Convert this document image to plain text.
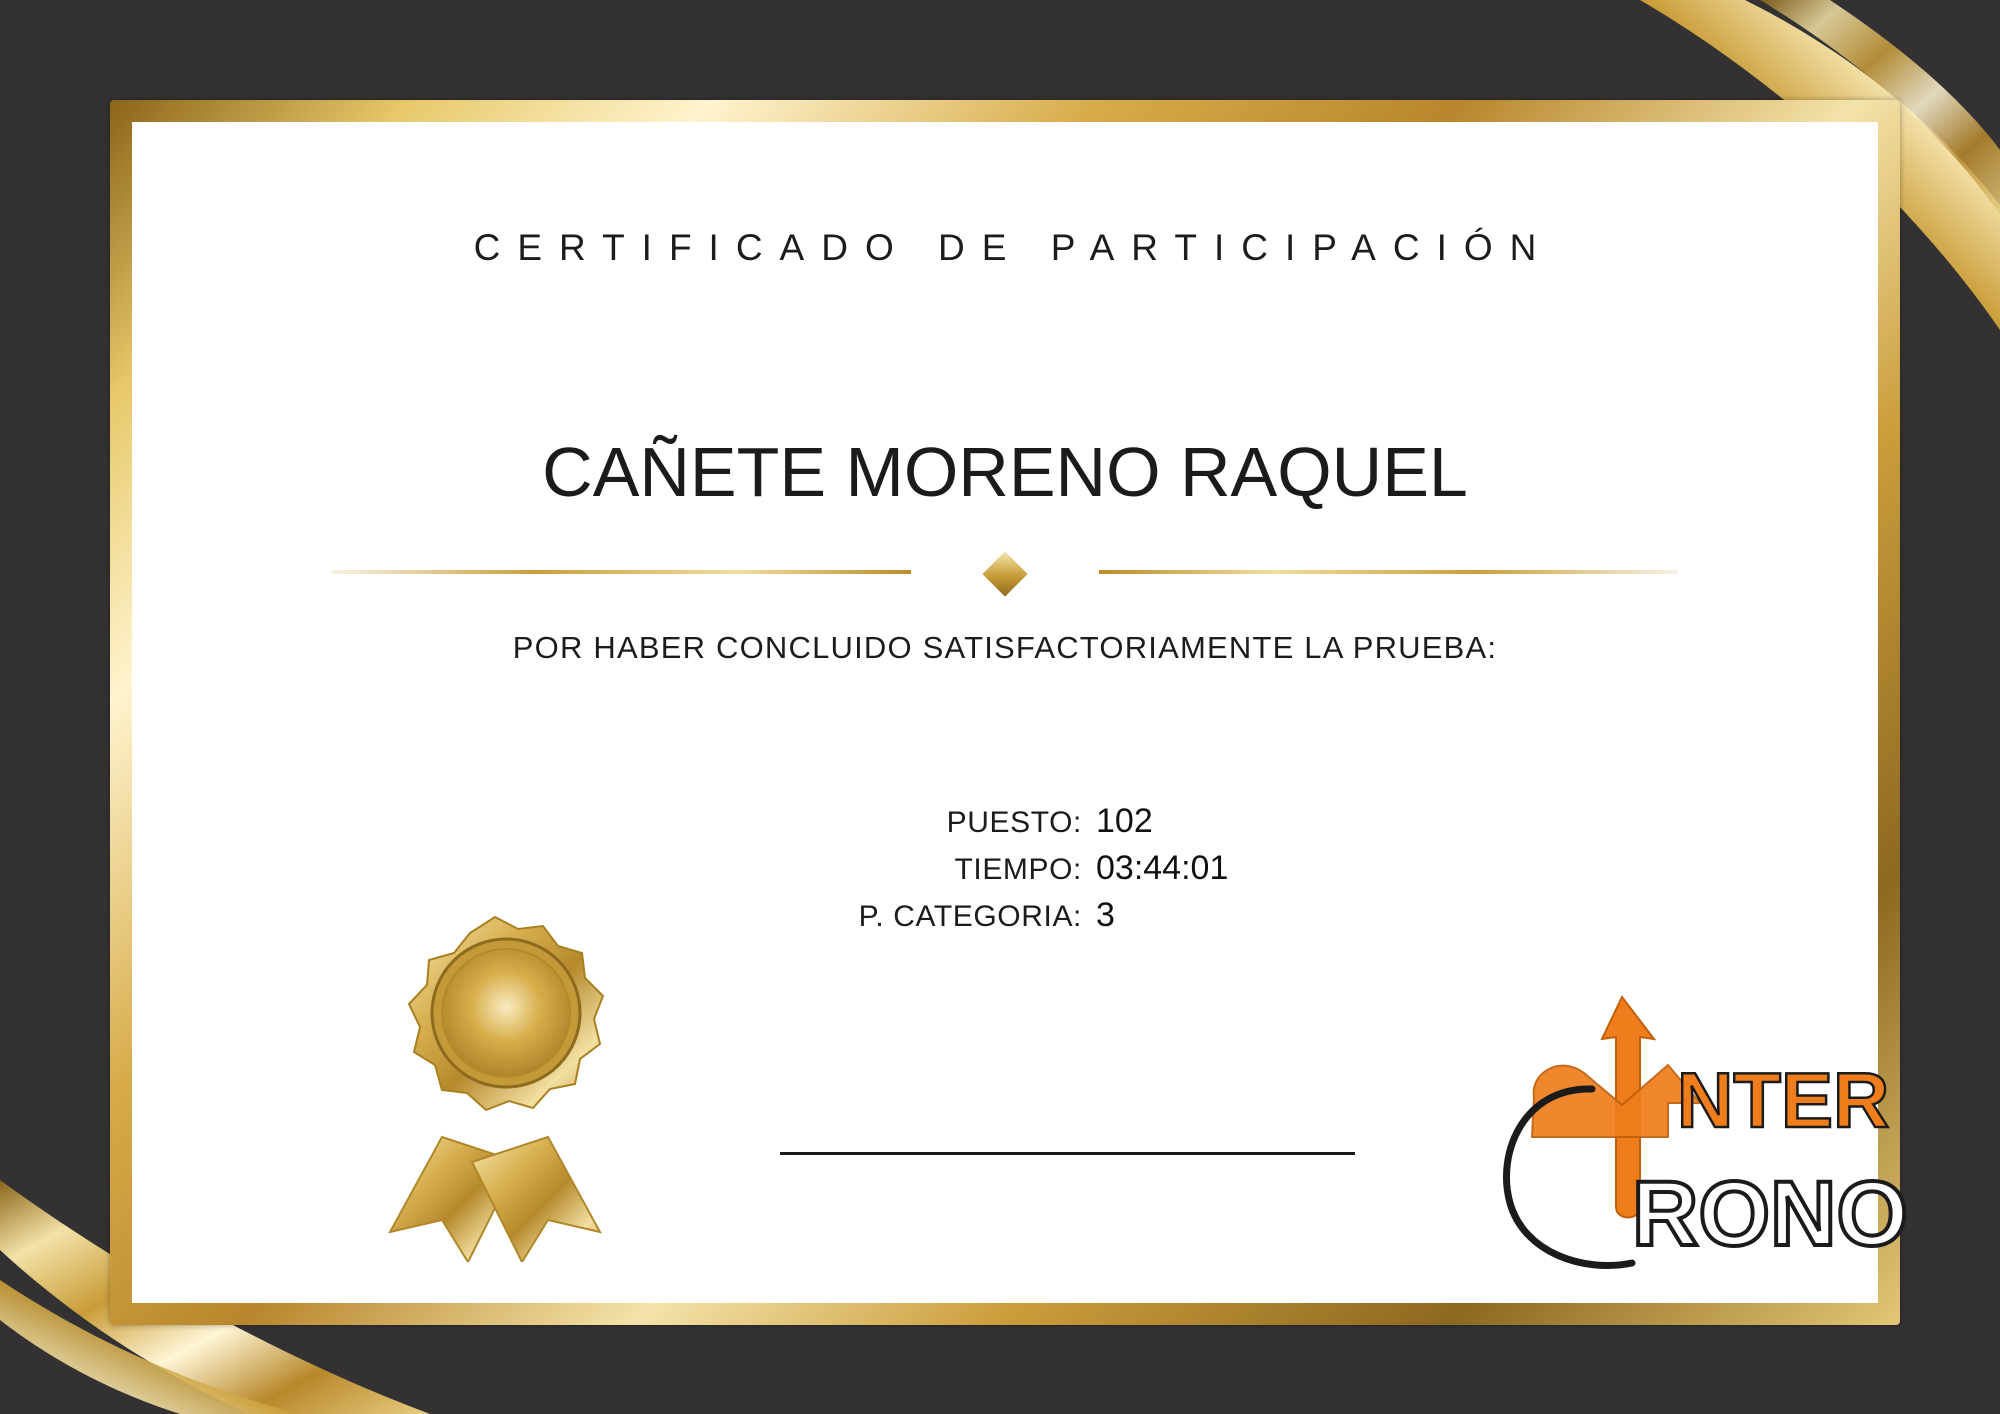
CERTIFICADO DE PARTICIPACIÓN
CAÑETE MORENO RAQUEL
POR HABER CONCLUIDO SATISFACTORIAMENTE LA PRUEBA:
PUESTO: 102
TIEMPO: 03:44:01
P. CATEGORIA: 3
NTER
RONO
